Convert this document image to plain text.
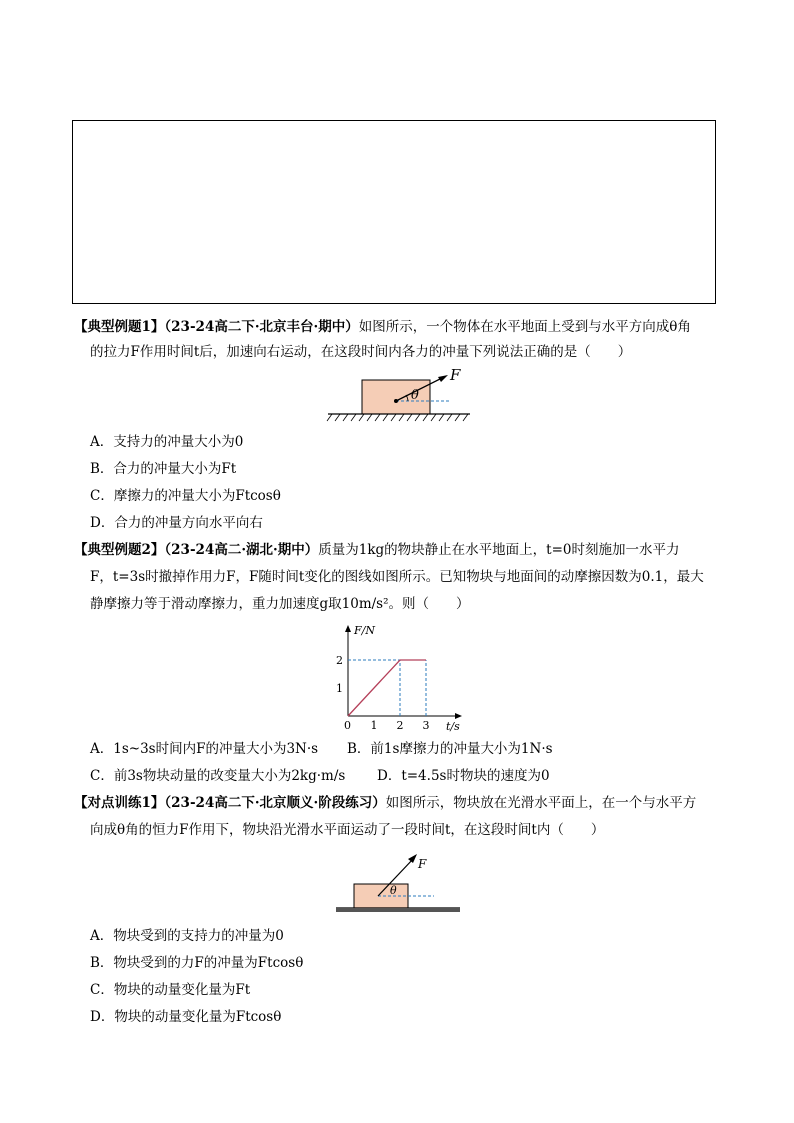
【典型例题1】（23-24高二下·北京丰台·期中）如图所示，一个物体在水平地面上受到与水平方向成θ角
的拉力F作用时间t后，加速向右运动，在这段时间内各力的冲量下列说法正确的是（　　）
θ
F
A．支持力的冲量大小为0
B．合力的冲量大小为Ft
C．摩擦力的冲量大小为Ftcosθ
D．合力的冲量方向水平向右
【典型例题2】（23-24高二·湖北·期中）质量为1kg的物块静止在水平地面上，t=0时刻施加一水平力
F，t=3s时撤掉作用力F，F随时间t变化的图线如图所示。已知物块与地面间的动摩擦因数为0.1，最大
静摩擦力等于滑动摩擦力，重力加速度g取10m/s²。则（　　）
F/N
t/s
0 1 2 3
1
2
A．1s~3s时间内F的冲量大小为3N·s B．前1s摩擦力的冲量大小为1N·s
C．前3s物块动量的改变量大小为2kg·m/s D．t=4.5s时物块的速度为0
【对点训练1】（23-24高二下·北京顺义·阶段练习）如图所示，物块放在光滑水平面上，在一个与水平方
向成θ角的恒力F作用下，物块沿光滑水平面运动了一段时间t，在这段时间t内（　　）
F
θ
A．物块受到的支持力的冲量为0
B．物块受到的力F的冲量为Ftcosθ
C．物块的动量变化量为Ft
D．物块的动量变化量为Ftcosθ
